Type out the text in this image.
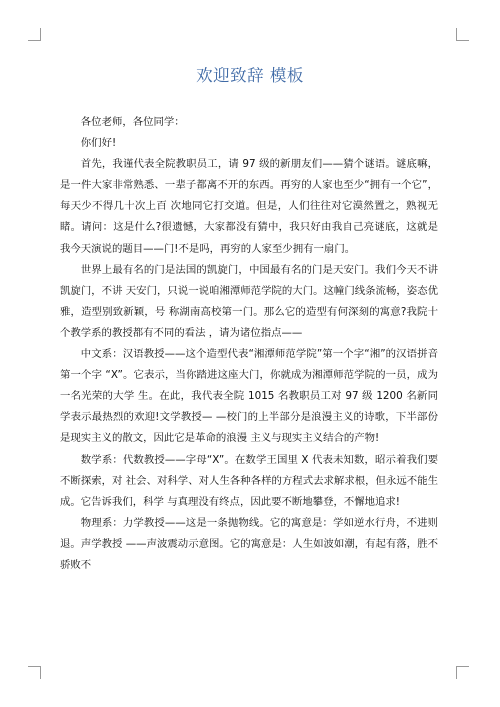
欢迎致辞 模板

各位老师，各位同学：

你们好!

首先，我谨代表全院教职员工，请 97 级的新朋友们——猜个谜语。谜底嘛，是一件大家非常熟悉、一辈子都离不开的东西。再穷的人家也至少“拥有一个它”，每天少不得几十次上百 次地同它打交道。但是，人们往往对它漠然置之，熟视无睹。请问：这是什么?很遗憾，大家都没有猜中，我只好由我自己亮谜底，这就是我今天演说的题目——门!不是吗，再穷的人家至少拥有一扇门。

世界上最有名的门是法国的凯旋门，中国最有名的门是天安门。我们今天不讲凯旋门，不讲 天安门，只说一说咱湘潭师范学院的大门。这幢门线条流畅，姿态优雅，造型别致新颖，号 称湖南高校第一门。那么它的造型有何深刻的寓意?我院十个教学系的教授都有不同的看法 ，请为诸位指点——

中文系：汉语教授——这个造型代表“湘潭师范学院”第一个字“湘”的汉语拼音第一个字 “X”。它表示，当你踏进这座大门，你就成为湘潭师范学院的一员，成为一名光荣的大学 生。在此，我代表全院 1015 名教职员工对 97 级 1200 名新同学表示最热烈的欢迎!文学教授— —校门的上半部分是浪漫主义的诗歌，下半部份是现实主义的散文，因此它是革命的浪漫 主义与现实主义结合的产物!

数学系：代数教授——字母“X”。在数学王国里 X 代表未知数，昭示着我们要不断探索，对 社会、对科学、对人生各种各样的方程式去求解求根，但永远不能生成。它告诉我们，科学 与真理没有终点，因此要不断地攀登，不懈地追求!

物理系：力学教授——这是一条抛物线。它的寓意是：学如逆水行舟，不进则退。声学教授 ——声波震动示意图。它的寓意是：人生如波如潮，有起有落，胜不骄败不
